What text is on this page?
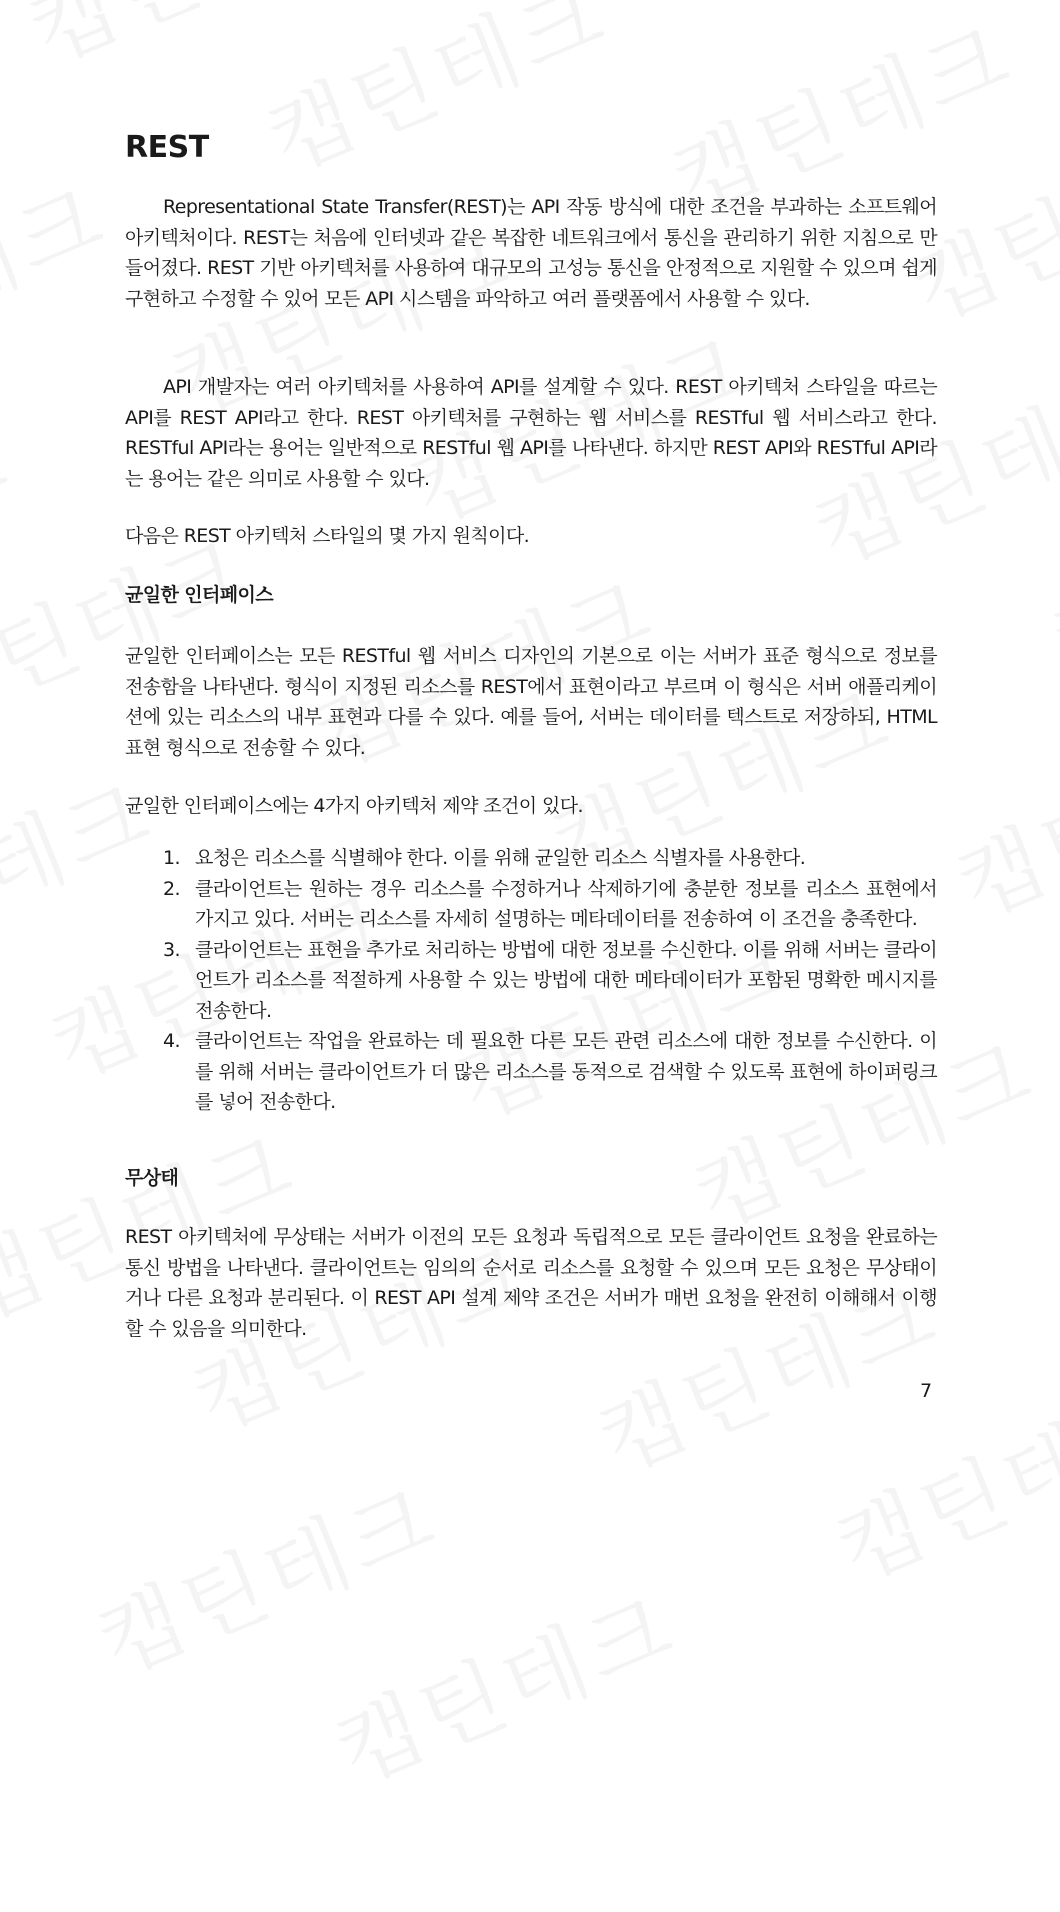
REST

Representational State Transfer(REST)는 API 작동 방식에 대한 조건을 부과하는 소프트웨어 아키텍처이다. REST는 처음에 인터넷과 같은 복잡한 네트워크에서 통신을 관리하기 위한 지침으로 만들어졌다. REST 기반 아키텍처를 사용하여 대규모의 고성능 통신을 안정적으로 지원할 수 있으며 쉽게 구현하고 수정할 수 있어 모든 API 시스템을 파악하고 여러 플랫폼에서 사용할 수 있다.

API 개발자는 여러 아키텍처를 사용하여 API를 설계할 수 있다. REST 아키텍처 스타일을 따르는 API를 REST API라고 한다. REST 아키텍처를 구현하는 웹 서비스를 RESTful 웹 서비스라고 한다. RESTful API라는 용어는 일반적으로 RESTful 웹 API를 나타낸다. 하지만 REST API와 RESTful API라는 용어는 같은 의미로 사용할 수 있다.

다음은 REST 아키텍처 스타일의 몇 가지 원칙이다.

균일한 인터페이스

균일한 인터페이스는 모든 RESTful 웹 서비스 디자인의 기본으로 이는 서버가 표준 형식으로 정보를 전송함을 나타낸다. 형식이 지정된 리소스를 REST에서 표현이라고 부르며 이 형식은 서버 애플리케이션에 있는 리소스의 내부 표현과 다를 수 있다. 예를 들어, 서버는 데이터를 텍스트로 저장하되, HTML 표현 형식으로 전송할 수 있다.

균일한 인터페이스에는 4가지 아키텍처 제약 조건이 있다.

1. 요청은 리소스를 식별해야 한다. 이를 위해 균일한 리소스 식별자를 사용한다.
2. 클라이언트는 원하는 경우 리소스를 수정하거나 삭제하기에 충분한 정보를 리소스 표현에서 가지고 있다. 서버는 리소스를 자세히 설명하는 메타데이터를 전송하여 이 조건을 충족한다.
3. 클라이언트는 표현을 추가로 처리하는 방법에 대한 정보를 수신한다. 이를 위해 서버는 클라이언트가 리소스를 적절하게 사용할 수 있는 방법에 대한 메타데이터가 포함된 명확한 메시지를 전송한다.
4. 클라이언트는 작업을 완료하는 데 필요한 다른 모든 관련 리소스에 대한 정보를 수신한다. 이를 위해 서버는 클라이언트가 더 많은 리소스를 동적으로 검색할 수 있도록 표현에 하이퍼링크를 넣어 전송한다.
무상태

REST 아키텍처에 무상태는 서버가 이전의 모든 요청과 독립적으로 모든 클라이언트 요청을 완료하는 통신 방법을 나타낸다. 클라이언트는 임의의 순서로 리소스를 요청할 수 있으며 모든 요청은 무상태이거나 다른 요청과 분리된다. 이 REST API 설계 제약 조건은 서버가 매번 요청을 완전히 이해해서 이행할 수 있음을 의미한다.

7
